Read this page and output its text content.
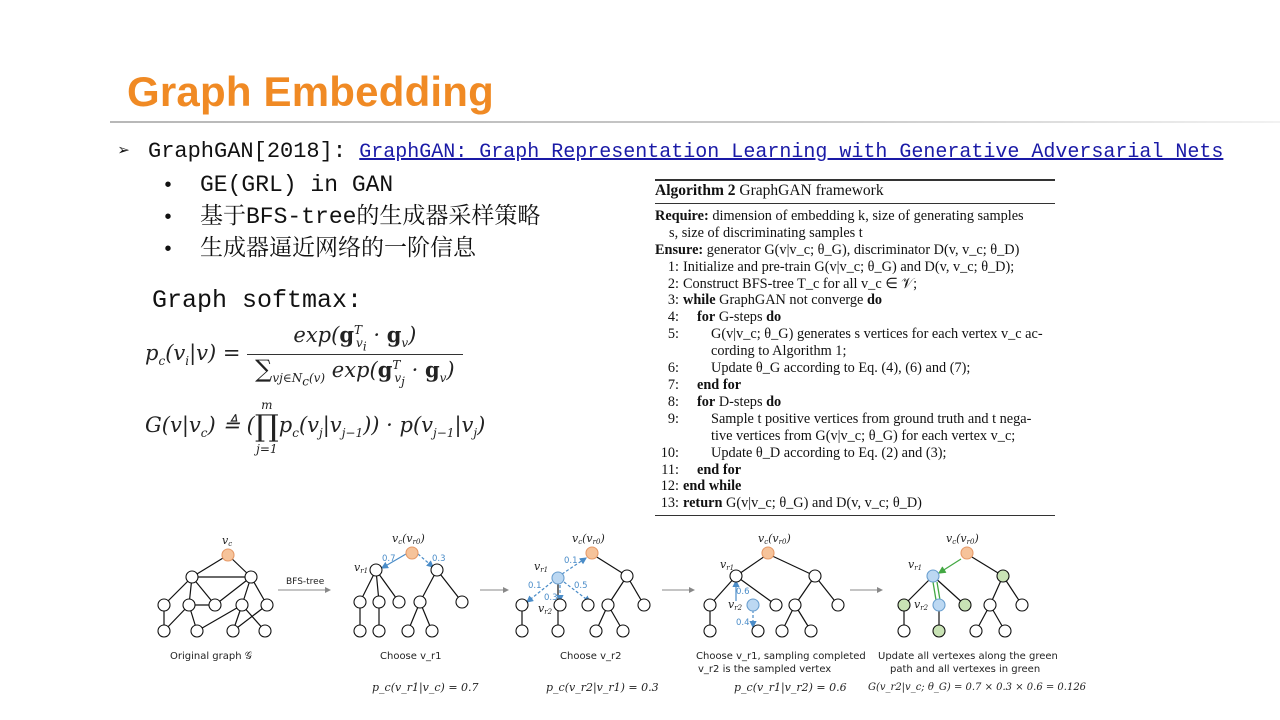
Graph Embedding
➢ GraphGAN[2018]: GraphGAN: Graph Representation Learning with Generative Adversarial Nets
• GE(GRL) in GAN
• 基于BFS-tree的生成器采样策略
• 生成器逼近网络的一阶信息
Graph softmax:
$p_c(v_i|v) = \frac{\exp(g^T_{v_i} \cdot g_v)}{\sum_{vj\in N_c(v)} \exp(g^T_{v_j} \cdot g_v)}$
$G(v|v_c)$ ≜ (
m
∏
j=1
$p_c(v_j|v_{j-1})) \cdot p(v_{j-1}|v_j)$
Algorithm 2 GraphGAN framework
Require: dimension of embedding k, size of generating samples
s, size of discriminating samples t
Ensure: generator G(v|v_c; θ_G), discriminator D(v, v_c; θ_D)
1: Initialize and pre-train G(v|v_c; θ_G) and D(v, v_c; θ_D);
2: Construct BFS-tree T_c for all v_c ∈ 𝒱;
3: while GraphGAN not converge do
4: for G-steps do
5: G(v|v_c; θ_G) generates s vertices for each vertex v_c ac-
cording to Algorithm 1;
6: Update θ_G according to Eq. (4), (6) and (7);
7: end for
8: for D-steps do
9: Sample t positive vertices from ground truth and t nega-
tive vertices from G(v|v_c; θ_G) for each vertex v_c;
10: Update θ_D according to Eq. (2) and (3);
11: end for
12: end while
13: return G(v|v_c; θ_G) and D(v, v_c; θ_D)
vc	vc(vr0)
vr1
vc(vr0)
vr1
vr2
vc(vr0)
vr1
vr2
vc(vr0)
vr1
vr2
0.7	0.3	0.1
0.1
0.3
0.5
0.6
0.4
BFS-tree
Original graph 𝒢	Choose v_r1
p_c(v_r1|v_c) = 0.7
Choose v_r2
p_c(v_r2|v_r1) = 0.3
Choose v_r1, sampling completed
v_r2 is the sampled vertex
p_c(v_r1|v_r2) = 0.6
Update all vertexes along the green
path and all vertexes in green
G(v_r2|v_c; θ_G) = 0.7 × 0.3 × 0.6 = 0.126
